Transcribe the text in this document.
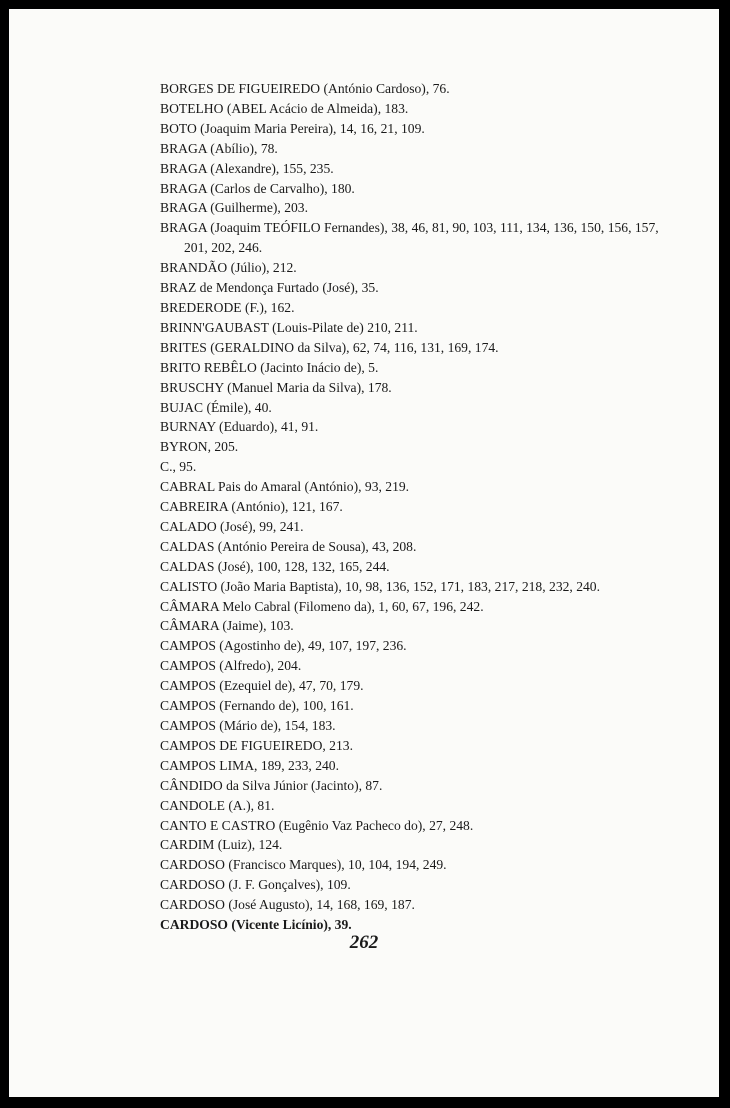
BORGES DE FIGUEIREDO (António Cardoso), 76.

BOTELHO (ABEL Acácio de Almeida), 183.

BOTO (Joaquim Maria Pereira), 14, 16, 21, 109.

BRAGA (Abílio), 78.

BRAGA (Alexandre), 155, 235.

BRAGA (Carlos de Carvalho), 180.

BRAGA (Guilherme), 203.

BRAGA (Joaquim TEÓFILO Fernandes), 38, 46, 81, 90, 103, 111, 134, 136, 150, 156, 157, 201, 202, 246.

BRANDÃO (Júlio), 212.

BRAZ de Mendonça Furtado (José), 35.

BREDERODE (F.), 162.

BRINN'GAUBAST (Louis-Pilate de) 210, 211.

BRITES (GERALDINO da Silva), 62, 74, 116, 131, 169, 174.

BRITO REBÊLO (Jacinto Inácio de), 5.

BRUSCHY (Manuel Maria da Silva), 178.

BUJAC (Émile), 40.

BURNAY (Eduardo), 41, 91.

BYRON, 205.

C., 95.

CABRAL Pais do Amaral (António), 93, 219.

CABREIRA (António), 121, 167.

CALADO (José), 99, 241.

CALDAS (António Pereira de Sousa), 43, 208.

CALDAS (José), 100, 128, 132, 165, 244.

CALISTO (João Maria Baptista), 10, 98, 136, 152, 171, 183, 217, 218, 232, 240.

CÂMARA Melo Cabral (Filomeno da), 1, 60, 67, 196, 242.

CÂMARA (Jaime), 103.

CAMPOS (Agostinho de), 49, 107, 197, 236.

CAMPOS (Alfredo), 204.

CAMPOS (Ezequiel de), 47, 70, 179.

CAMPOS (Fernando de), 100, 161.

CAMPOS (Mário de), 154, 183.

CAMPOS DE FIGUEIREDO, 213.

CAMPOS LIMA, 189, 233, 240.

CÂNDIDO da Silva Júnior (Jacinto), 87.

CANDOLE (A.), 81.

CANTO E CASTRO (Eugênio Vaz Pacheco do), 27, 248.

CARDIM (Luiz), 124.

CARDOSO (Francisco Marques), 10, 104, 194, 249.

CARDOSO (J. F. Gonçalves), 109.

CARDOSO (José Augusto), 14, 168, 169, 187.

CARDOSO (Vicente Licínio), 39.

262
